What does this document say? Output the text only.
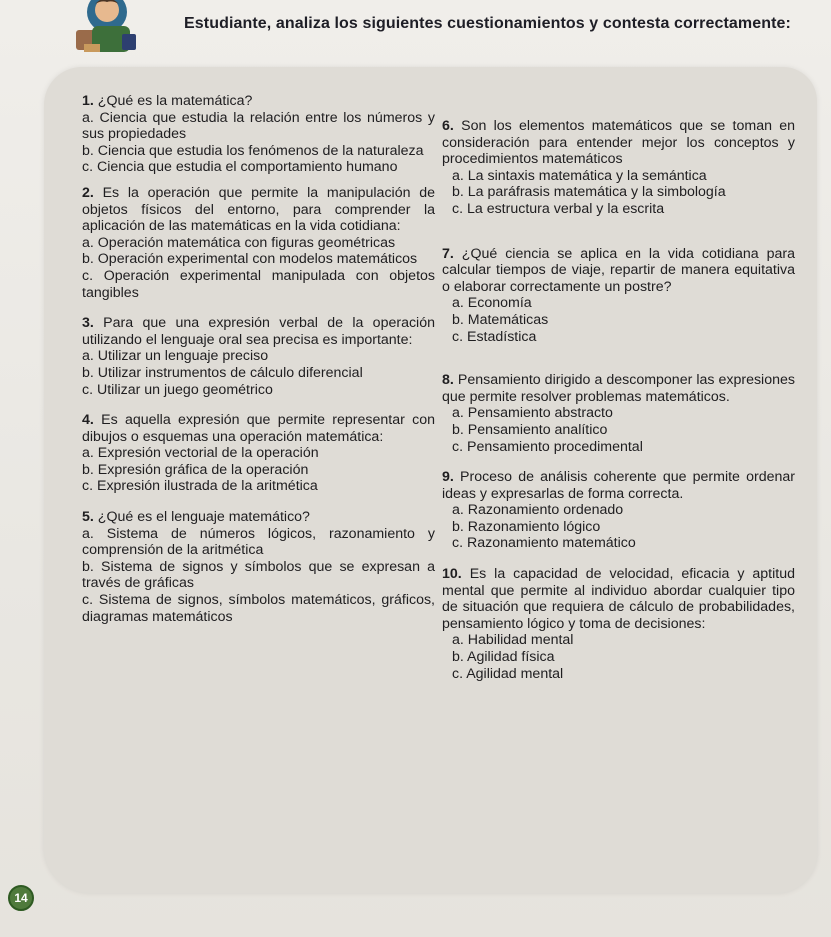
Estudiante, analiza los siguientes cuestionamientos y contesta correctamente:
1. ¿Qué es la matemática?
a. Ciencia que estudia la relación entre los números y sus propiedades
b. Ciencia que estudia los fenómenos de la naturaleza
c. Ciencia que estudia el comportamiento humano
2. Es la operación que permite la manipulación de objetos físicos del entorno, para comprender la aplicación de las matemáticas en la vida cotidiana:
a. Operación matemática con figuras geométricas
b. Operación experimental con modelos matemáticos
c. Operación experimental manipulada con objetos tangibles
3. Para que una expresión verbal de la operación utilizando el lenguaje oral sea precisa es importante:
a. Utilizar un lenguaje preciso
b. Utilizar instrumentos de cálculo diferencial
c. Utilizar un juego geométrico
4. Es aquella expresión que permite representar con dibujos o esquemas una operación matemática:
a. Expresión vectorial de la operación
b. Expresión gráfica de la operación
c. Expresión ilustrada de la aritmética
5. ¿Qué es el lenguaje matemático?
a. Sistema de números lógicos, razonamiento y comprensión de la aritmética
b. Sistema de signos y símbolos que se expresan a través de gráficas
c. Sistema de signos, símbolos matemáticos, gráficos, diagramas matemáticos
6. Son los elementos matemáticos que se toman en consideración para entender mejor los conceptos y procedimientos matemáticos
a. La sintaxis matemática y la semántica
b. La paráfrasis matemática y la simbología
c. La estructura verbal y la escrita
7. ¿Qué ciencia se aplica en la vida cotidiana para calcular tiempos de viaje, repartir de manera equitativa o elaborar correctamente un postre?
a. Economía
b. Matemáticas
c. Estadística
8. Pensamiento dirigido a descomponer las expresiones que permite resolver problemas matemáticos.
a. Pensamiento abstracto
b. Pensamiento analítico
c. Pensamiento procedimental
9. Proceso de análisis coherente que permite ordenar ideas y expresarlas de forma correcta.
a. Razonamiento ordenado
b. Razonamiento lógico
c. Razonamiento matemático
10. Es la capacidad de velocidad, eficacia y aptitud mental que permite al individuo abordar cualquier tipo de situación que requiera de cálculo de probabilidades, pensamiento lógico y toma de decisiones:
a. Habilidad mental
b. Agilidad física
c. Agilidad mental
14
